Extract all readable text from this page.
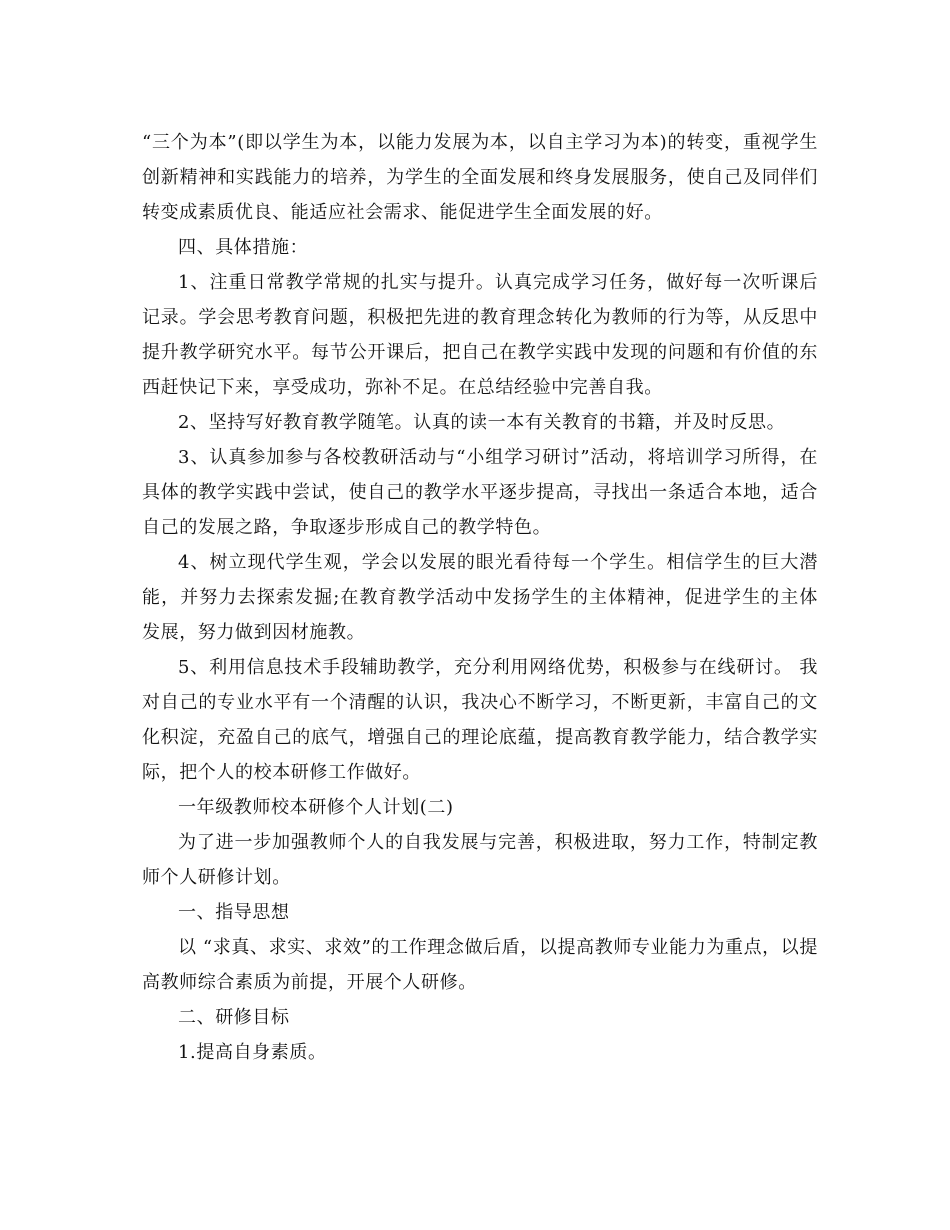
“三个为本”(即以学生为本，以能力发展为本，以自主学习为本)的转变，重视学生创新精神和实践能力的培养，为学生的全面发展和终身发展服务，使自己及同伴们转变成素质优良、能适应社会需求、能促进学生全面发展的好。

四、具体措施：

1、注重日常教学常规的扎实与提升。认真完成学习任务，做好每一次听课后记录。学会思考教育问题，积极把先进的教育理念转化为教师的行为等，从反思中提升教学研究水平。每节公开课后，把自己在教学实践中发现的问题和有价值的东西赶快记下来，享受成功，弥补不足。在总结经验中完善自我。

2、坚持写好教育教学随笔。认真的读一本有关教育的书籍，并及时反思。

3、认真参加参与各校教研活动与“小组学习研讨”活动，将培训学习所得，在具体的教学实践中尝试，使自己的教学水平逐步提高，寻找出一条适合本地，适合自己的发展之路，争取逐步形成自己的教学特色。

4、树立现代学生观，学会以发展的眼光看待每一个学生。相信学生的巨大潜能，并努力去探索发掘;在教育教学活动中发扬学生的主体精神，促进学生的主体发展，努力做到因材施教。

5、利用信息技术手段辅助教学，充分利用网络优势，积极参与在线研讨。 我对自己的专业水平有一个清醒的认识，我决心不断学习，不断更新，丰富自己的文化积淀，充盈自己的底气，增强自己的理论底蕴，提高教育教学能力，结合教学实际，把个人的校本研修工作做好。

一年级教师校本研修个人计划(二)

为了进一步加强教师个人的自我发展与完善，积极进取，努力工作，特制定教师个人研修计划。

一、指导思想

以 “求真、求实、求效”的工作理念做后盾，以提高教师专业能力为重点，以提高教师综合素质为前提，开展个人研修。

二、研修目标

1.提高自身素质。
